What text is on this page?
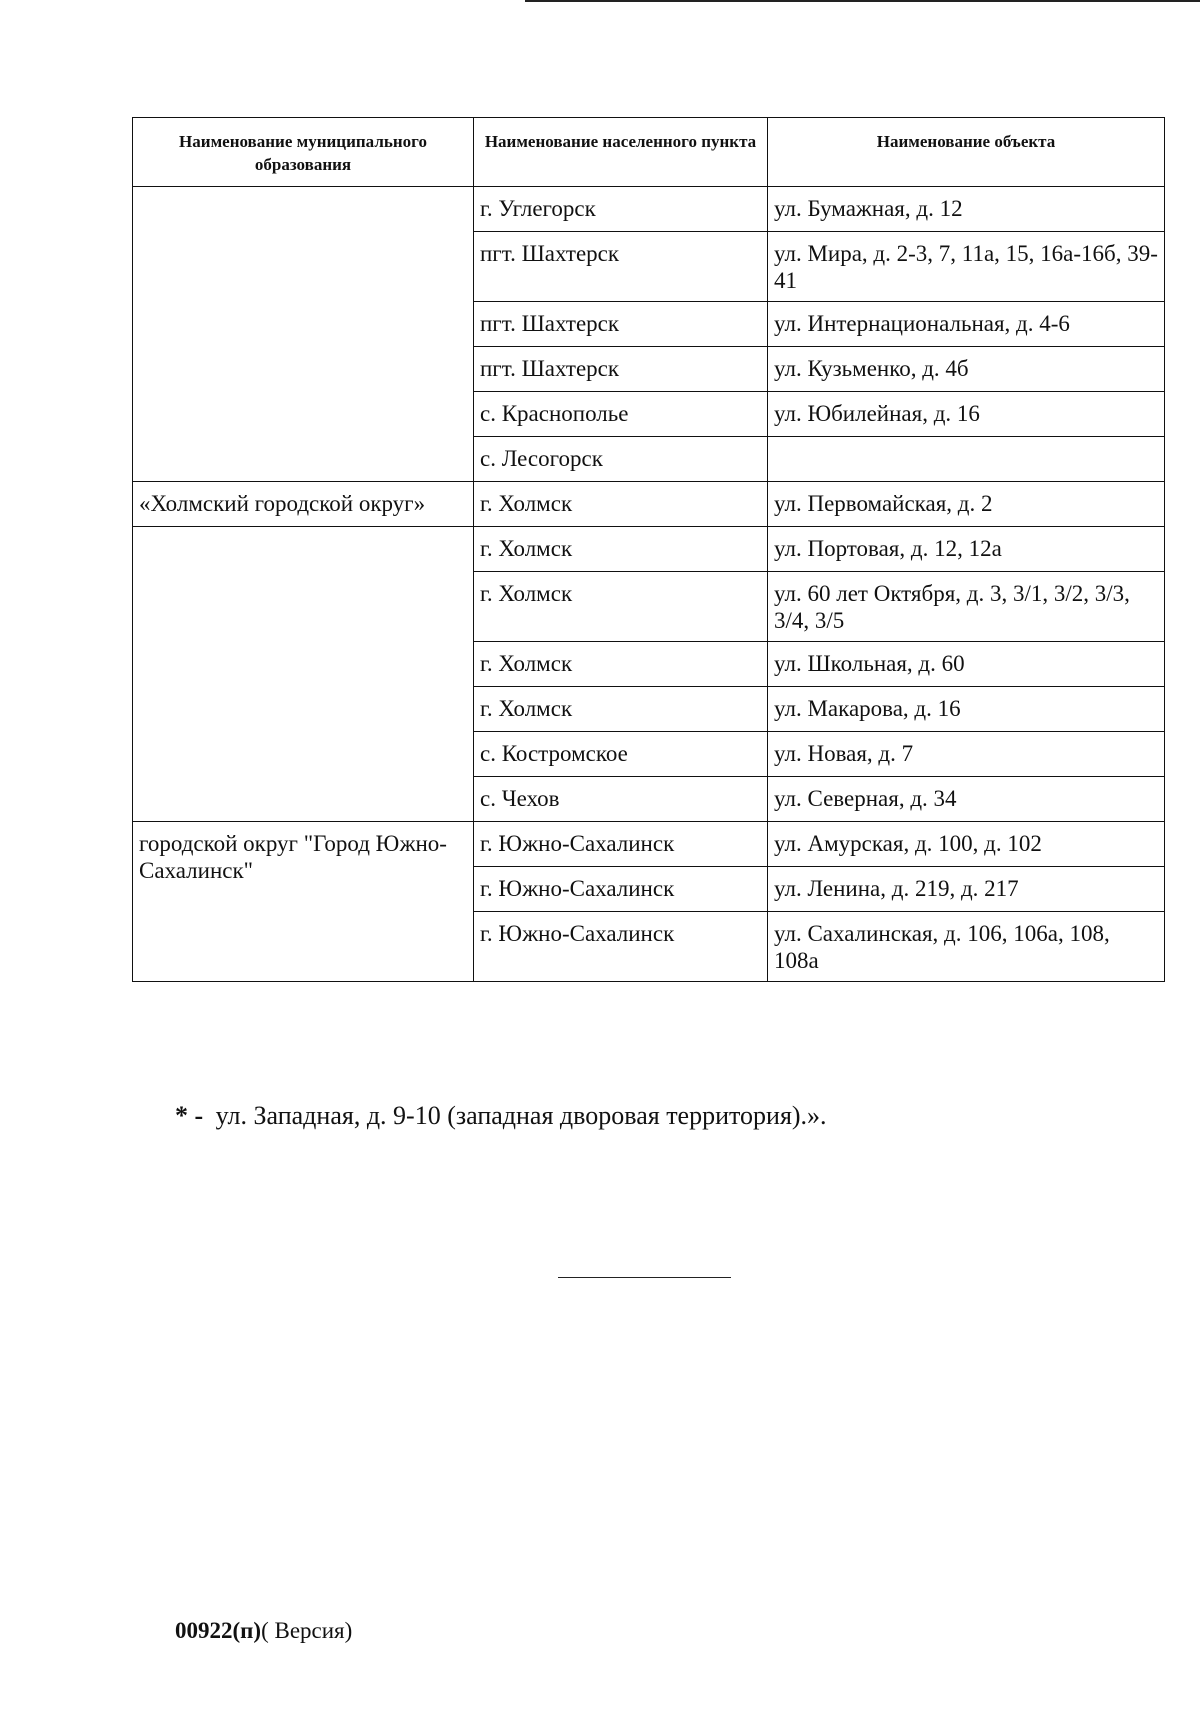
Наименование муниципального образования	Наименование населенного пункта	Наименование объекта
	г. Углегорск	ул. Бумажная, д. 12
	пгт. Шахтерск	ул. Мира, д. 2-3, 7, 11а, 15, 16а-16б, 39-41
	пгт. Шахтерск	ул. Интернациональная, д. 4-6
	пгт. Шахтерск	ул. Кузьменко, д. 4б
	с. Краснополье	ул. Юбилейная, д. 16
	с. Лесогорск	
«Холмский городской округ»	г. Холмск	ул. Первомайская, д. 2
	г. Холмск	ул. Портовая, д. 12, 12а
	г. Холмск	ул. 60 лет Октября, д. 3, 3/1, 3/2, 3/3, 3/4, 3/5
	г. Холмск	ул. Школьная, д. 60
	г. Холмск	ул. Макарова, д. 16
	с. Костромское	ул. Новая, д. 7
	с. Чехов	ул. Северная, д. 34
городской округ "Город Южно-Сахалинск"	г. Южно-Сахалинск	ул. Амурская, д. 100, д. 102
	г. Южно-Сахалинск	ул. Ленина, д. 219, д. 217
	г. Южно-Сахалинск	ул. Сахалинская, д. 106, 106а, 108, 108а
* - ул. Западная, д. 9-10 (западная дворовая территория).».
00922(п)( Версия)
